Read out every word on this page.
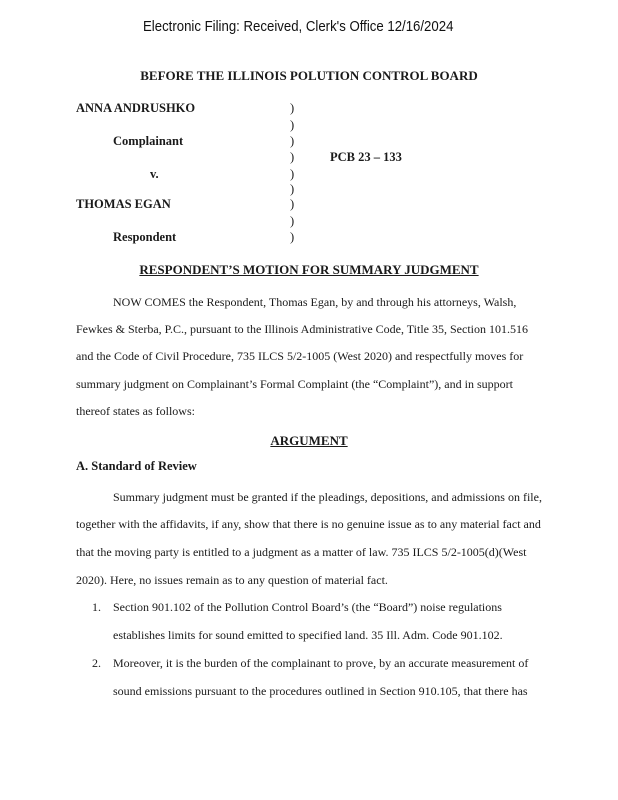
Electronic Filing: Received, Clerk's Office 12/16/2024
BEFORE THE ILLINOIS POLUTION CONTROL BOARD
ANNA ANDRUSHKO
Complainant
v.
THOMAS EGAN
Respondent
)
)
)
)
)
)
)
)
)
PCB 23 – 133
RESPONDENT’S MOTION FOR SUMMARY JUDGMENT
NOW COMES the Respondent, Thomas Egan, by and through his attorneys, Walsh,
Fewkes & Sterba, P.C., pursuant to the Illinois Administrative Code, Title 35, Section 101.516
and the Code of Civil Procedure, 735 ILCS 5/2-1005 (West 2020) and respectfully moves for
summary judgment on Complainant’s Formal Complaint (the “Complaint”), and in support
thereof states as follows:
ARGUMENT
A. Standard of Review
Summary judgment must be granted if the pleadings, depositions, and admissions on file,
together with the affidavits, if any, show that there is no genuine issue as to any material fact and
that the moving party is entitled to a judgment as a matter of law. 735 ILCS 5/2-1005(d)(West
2020). Here, no issues remain as to any question of material fact.
1. Section 901.102 of the Pollution Control Board’s (the “Board”) noise regulations
establishes limits for sound emitted to specified land. 35 Ill. Adm. Code 901.102.
2. Moreover, it is the burden of the complainant to prove, by an accurate measurement of
sound emissions pursuant to the procedures outlined in Section 910.105, that there has
